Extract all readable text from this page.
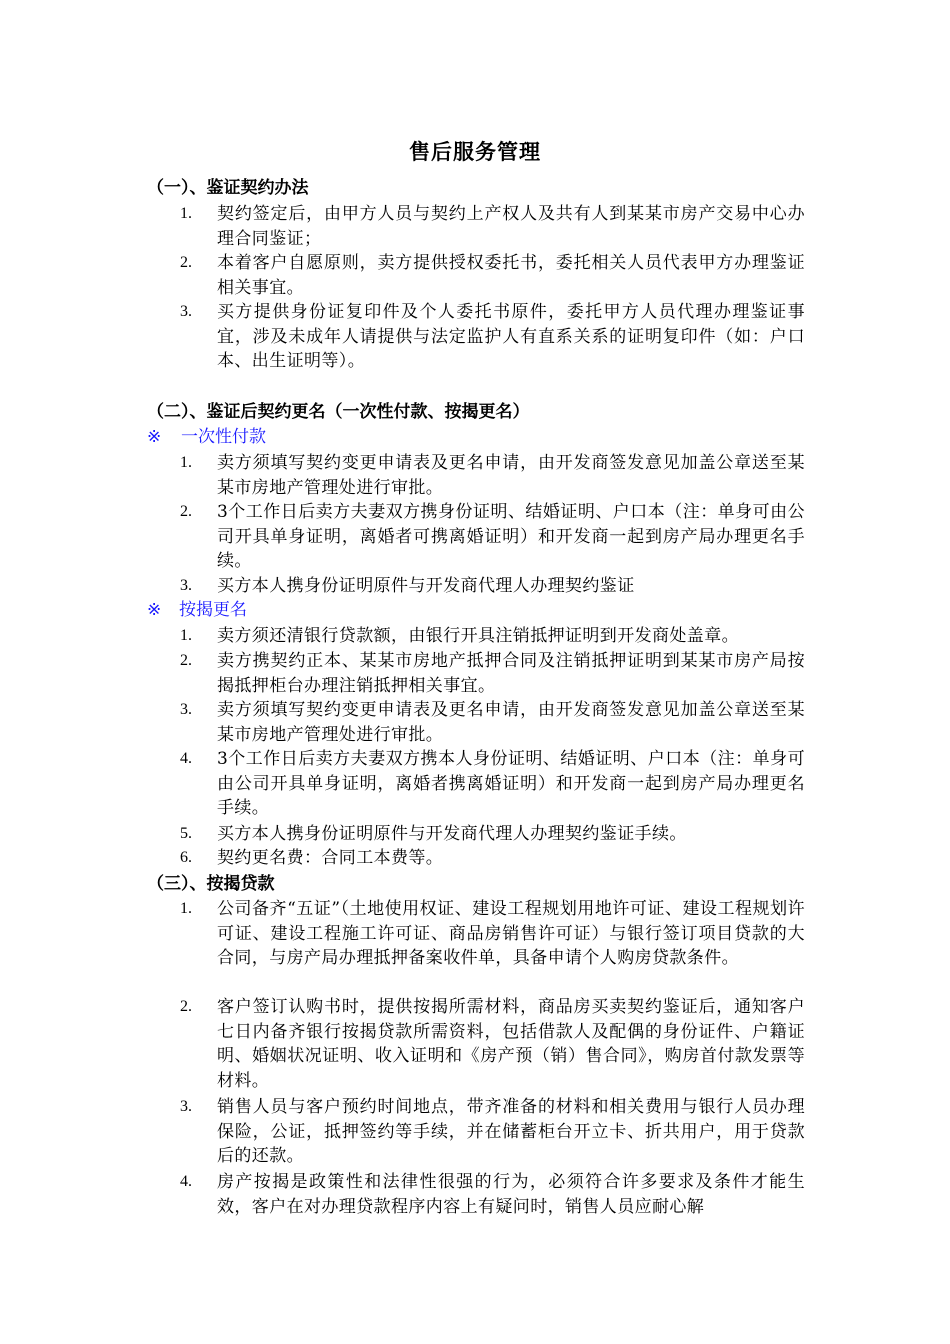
售后服务管理
（一）、鉴证契约办法
1.	契约签定后，由甲方人员与契约上产权人及共有人到某某市房产交易中心办理合同鉴证；
2.	本着客户自愿原则，卖方提供授权委托书，委托相关人员代表甲方办理鉴证相关事宜。
3.	买方提供身份证复印件及个人委托书原件，委托甲方人员代理办理鉴证事宜，涉及未成年人请提供与法定监护人有直系关系的证明复印件（如：户口本、出生证明等）。
（二）、鉴证后契约更名（一次性付款、按揭更名）
※ 一次性付款
1.	卖方须填写契约变更申请表及更名申请，由开发商签发意见加盖公章送至某某市房地产管理处进行审批。
2.	3个工作日后卖方夫妻双方携身份证明、结婚证明、户口本（注：单身可由公司开具单身证明，离婚者可携离婚证明）和开发商一起到房产局办理更名手续。
3.	买方本人携身份证明原件与开发商代理人办理契约鉴证
※ 按揭更名
1.	卖方须还清银行贷款额，由银行开具注销抵押证明到开发商处盖章。
2.	卖方携契约正本、某某市房地产抵押合同及注销抵押证明到某某市房产局按揭抵押柜台办理注销抵押相关事宜。
3.	卖方须填写契约变更申请表及更名申请，由开发商签发意见加盖公章送至某某市房地产管理处进行审批。
4.	3个工作日后卖方夫妻双方携本人身份证明、结婚证明、户口本（注：单身可由公司开具单身证明，离婚者携离婚证明）和开发商一起到房产局办理更名手续。
5.	买方本人携身份证明原件与开发商代理人办理契约鉴证手续。
6.	契约更名费：合同工本费等。
（三）、按揭贷款
1.	公司备齐“五证”（土地使用权证、建设工程规划用地许可证、建设工程规划许可证、建设工程施工许可证、商品房销售许可证）与银行签订项目贷款的大合同，与房产局办理抵押备案收件单，具备申请个人购房贷款条件。
2.	客户签订认购书时，提供按揭所需材料，商品房买卖契约鉴证后，通知客户七日内备齐银行按揭贷款所需资料，包括借款人及配偶的身份证件、户籍证明、婚姻状况证明、收入证明和《房产预（销）售合同》，购房首付款发票等材料。
3.	销售人员与客户预约时间地点，带齐准备的材料和相关费用与银行人员办理保险，公证，抵押签约等手续，并在储蓄柜台开立卡、折共用户，用于贷款后的还款。
4.	房产按揭是政策性和法律性很强的行为，必须符合许多要求及条件才能生效，客户在对办理贷款程序内容上有疑问时，销售人员应耐心解
